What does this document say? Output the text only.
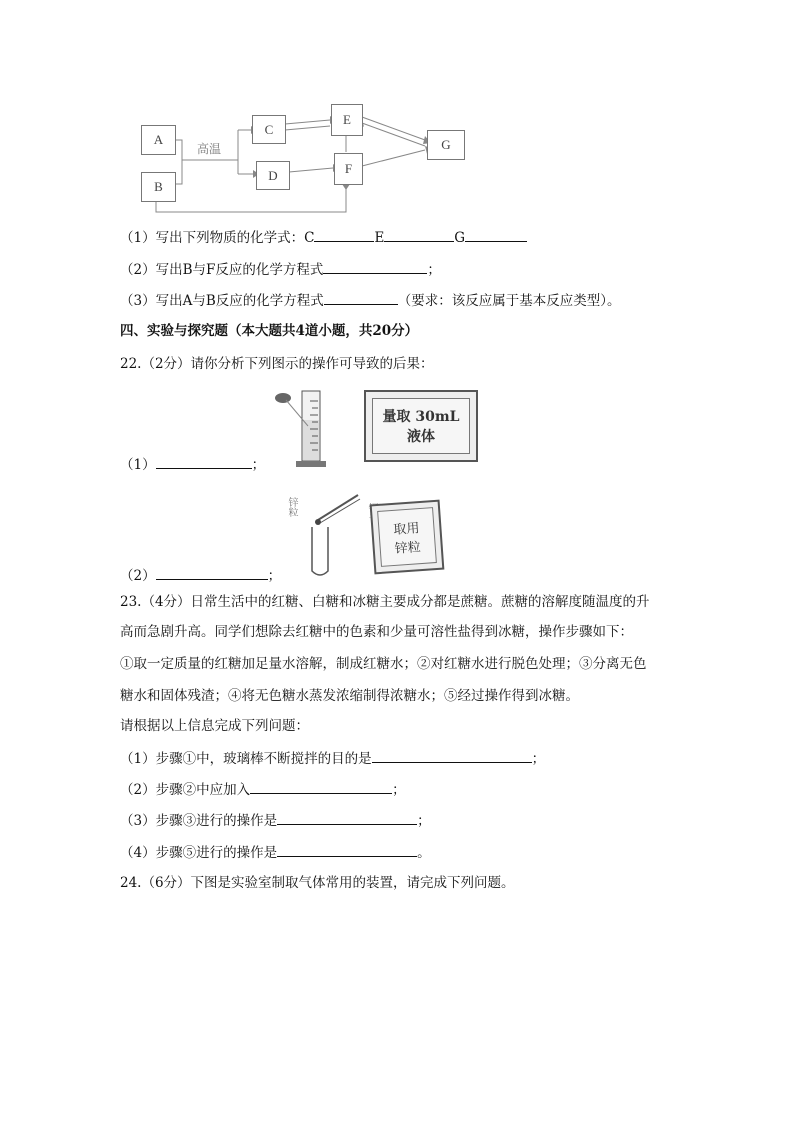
高温
A
B
C
D
E
F
G
（1）写出下列物质的化学式：C	E	G
（2）写出B与F反应的化学方程式	；
（3）写出A与B反应的化学方程式	（要求：该反应属于基本反应类型）。
四、实验与探究题（本大题共4道小题，共20分）
22.（2分）请你分析下列图示的操作可导致的后果：
量取 30mL
液体
（1）	；
锌粒
取用
锌粒
（2）	；
23.（4分）日常生活中的红糖、白糖和冰糖主要成分都是蔗糖。蔗糖的溶解度随温度的升
高而急剧升高。同学们想除去红糖中的色素和少量可溶性盐得到冰糖，操作步骤如下：
①取一定质量的红糖加足量水溶解，制成红糖水；②对红糖水进行脱色处理；③分离无色
糖水和固体残渣；④将无色糖水蒸发浓缩制得浓糖水；⑤经过操作得到冰糖。
请根据以上信息完成下列问题：
（1）步骤①中，玻璃棒不断搅拌的目的是	；
（2）步骤②中应加入	；
（3）步骤③进行的操作是	；
（4）步骤⑤进行的操作是	。
24.（6分）下图是实验室制取气体常用的装置，请完成下列问题。
